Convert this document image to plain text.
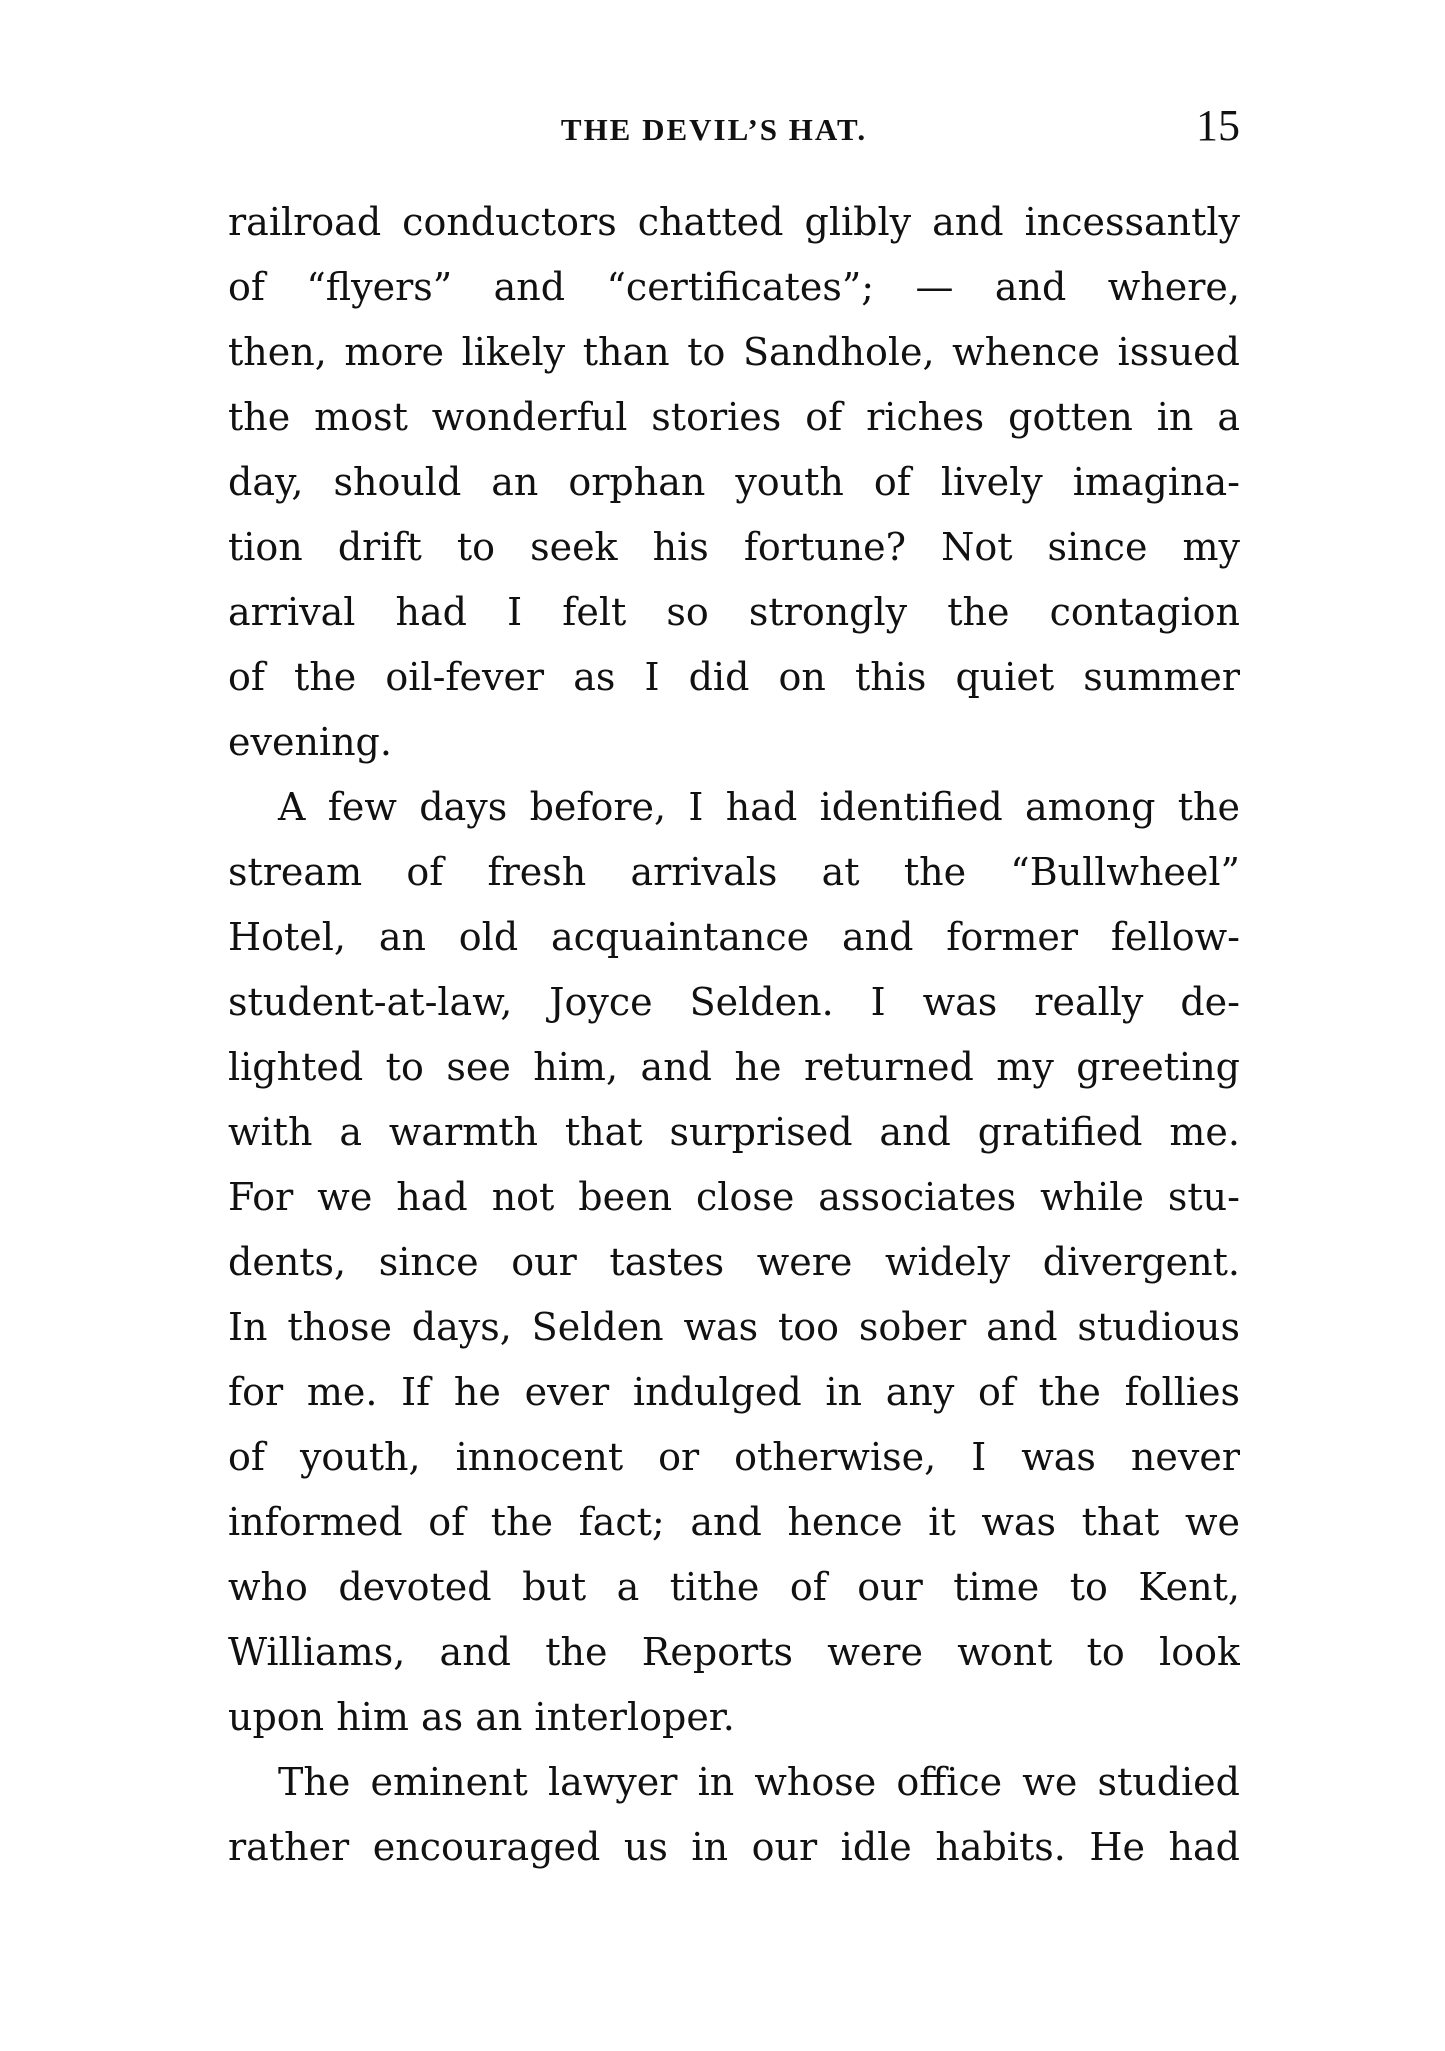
THE DEVIL’S HAT.	15
railroad conductors chatted glibly and incessantly
of “flyers” and “certificates”; — and where,
then, more likely than to Sandhole, whence issued
the most wonderful stories of riches gotten in a
day, should an orphan youth of lively imagina-
tion drift to seek his fortune? Not since my
arrival had I felt so strongly the contagion
of the oil-fever as I did on this quiet summer
evening.
A few days before, I had identified among the
stream of fresh arrivals at the “Bullwheel”
Hotel, an old acquaintance and former fellow-
student-at-law, Joyce Selden. I was really de-
lighted to see him, and he returned my greeting
with a warmth that surprised and gratified me.
For we had not been close associates while stu-
dents, since our tastes were widely divergent.
In those days, Selden was too sober and studious
for me. If he ever indulged in any of the follies
of youth, innocent or otherwise, I was never
informed of the fact; and hence it was that we
who devoted but a tithe of our time to Kent,
Williams, and the Reports were wont to look
upon him as an interloper.
The eminent lawyer in whose office we studied
rather encouraged us in our idle habits. He had
